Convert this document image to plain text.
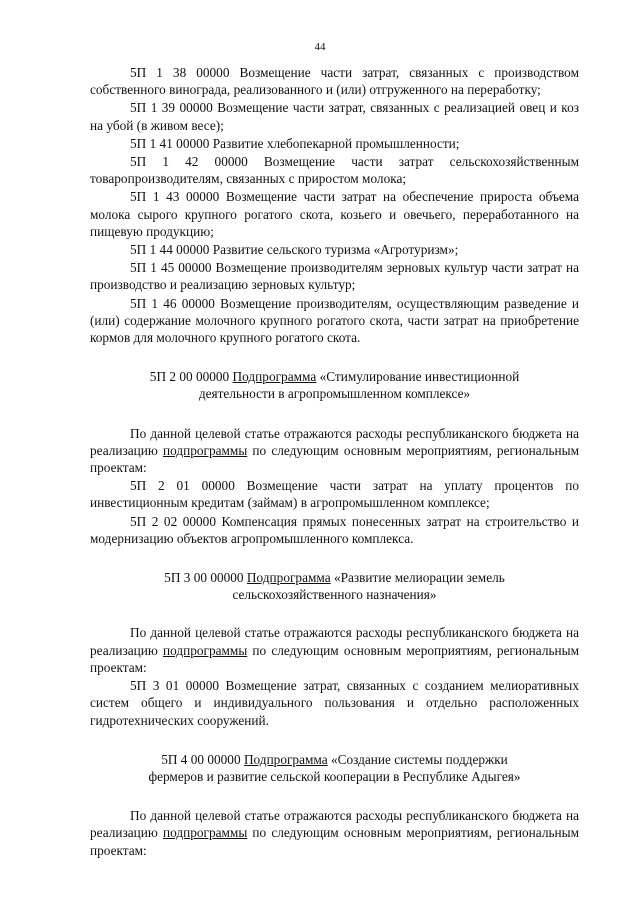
44

5П 1 38 00000 Возмещение части затрат, связанных с производством собственного винограда, реализованного и (или) отгруженного на переработку;

5П 1 39 00000 Возмещение части затрат, связанных с реализацией овец и коз на убой (в живом весе);

5П 1 41 00000 Развитие хлебопекарной промышленности;

5П 1 42 00000 Возмещение части затрат сельскохозяйственным товаропроизводителям, связанных с приростом молока;

5П 1 43 00000 Возмещение части затрат на обеспечение прироста объема молока сырого крупного рогатого скота, козьего и овечьего, переработанного на пищевую продукцию;

5П 1 44 00000 Развитие сельского туризма «Агротуризм»;

5П 1 45 00000 Возмещение производителям зерновых культур части затрат на производство и реализацию зерновых культур;

5П 1 46 00000 Возмещение производителям, осуществляющим разведение и (или) содержание молочного крупного рогатого скота, части затрат на приобретение кормов для молочного крупного рогатого скота.

5П 2 00 00000 Подпрограмма «Стимулирование инвестиционной
деятельности в агропромышленном комплексе»

По данной целевой статье отражаются расходы республиканского бюджета на реализацию подпрограммы по следующим основным мероприятиям, региональным проектам:

5П 2 01 00000 Возмещение части затрат на уплату процентов по инвестиционным кредитам (займам) в агропромышленном комплексе;

5П 2 02 00000 Компенсация прямых понесенных затрат на строительство и модернизацию объектов агропромышленного комплекса.

5П 3 00 00000 Подпрограмма «Развитие мелиорации земель
сельскохозяйственного назначения»

По данной целевой статье отражаются расходы республиканского бюджета на реализацию подпрограммы по следующим основным мероприятиям, региональным проектам:

5П 3 01 00000 Возмещение затрат, связанных с созданием мелиоративных систем общего и индивидуального пользования и отдельно расположенных гидротехнических сооружений.

5П 4 00 00000 Подпрограмма «Создание системы поддержки
фермеров и развитие сельской кооперации в Республике Адыгея»

По данной целевой статье отражаются расходы республиканского бюджета на реализацию подпрограммы по следующим основным мероприятиям, региональным проектам:
